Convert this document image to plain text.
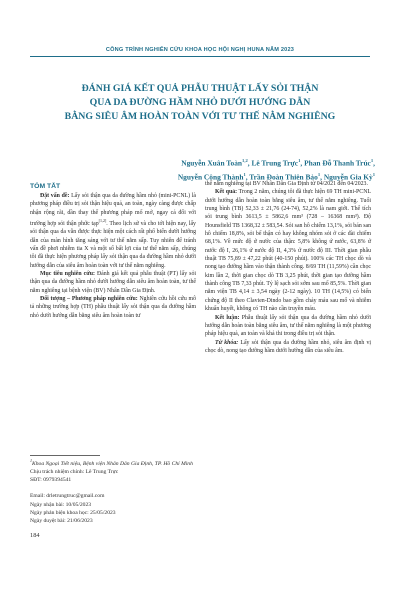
CÔNG TRÌNH NGHIÊN CỨU KHOA HỌC HỘI NGHỊ HUNA NĂM 2023
ĐÁNH GIÁ KẾT QUẢ PHẪU THUẬT LẤY SỎI THẬN
QUA DA ĐƯỜNG HẦM NHỎ DƯỚI HƯỚNG DẪN
BẰNG SIÊU ÂM HOÀN TOÀN VỚI TƯ THẾ NẰM NGHIÊNG
Nguyễn Xuân Toàn$^{1,2}$, Lê Trung Trực$^1$, Phan Đỗ Thanh Trúc$^1$,
Nguyễn Công Thành$^1$, Trần Đoàn Thiên Bảo$^1$, Nguyễn Gia Kỳ$^1$
TÓM TẮT

Đặt vấn đề: Lấy sỏi thận qua da đường hầm nhỏ (mini-PCNL) là phương pháp điều trị sỏi thận hiệu quả, an toàn, ngày càng được chấp nhận rộng rãi, dần thay thế phương pháp mổ mở, ngay cả đối với trường hợp sỏi thận phức tạp[1,2]. Theo lịch sử và cho tới hiện nay, lấy sỏi thận qua da vẫn được thực hiện một cách rất phổ biến dưới hướng dẫn của màn hình tăng sáng với tư thế nằm sấp. Tuy nhiên để tránh vấn đề phơi nhiễm tia X và một số bất lợi của tư thế nằm sấp, chúng tôi đã thực hiện phương pháp lấy sỏi thận qua da đường hầm nhỏ dưới hướng dẫn của siêu âm hoàn toàn với tư thế nằm nghiêng.

Mục tiêu nghiên cứu: Đánh giá kết quả phẫu thuật (PT) lấy sỏi thận qua da đường hầm nhỏ dưới hướng dẫn siêu âm hoàn toàn, tư thế nằm nghiêng tại bệnh viện (BV) Nhân Dân Gia Định.

Đối tượng – Phương pháp nghiên cứu: Nghiên cứu hồi cứu mô tả những trường hợp (TH) phẫu thuật lấy sỏi thận qua da đường hầm nhỏ dưới hướng dẫn bằng siêu âm hoàn toàn tư

thế nằm nghiêng tại BV Nhân Dân Gia Định từ 04/2021 đến 04/2023.

Kết quả: Trong 2 năm, chúng tôi đã thực hiện 69 TH mini-PCNL dưới hướng dẫn hoàn toàn bằng siêu âm, tư thế nằm nghiêng. Tuổi trung bình (TB) 52,33 ± 21,76 (24-74), 52,2% là nam giới. Thể tích sỏi trung bình 3613,5 ± 5862,6 mm³ (728 – 16368 mm³). Độ Hounsfield TB 1368,32 ± 583,54. Sỏi san hô chiếm 13,1%, sỏi bán san hô chiếm 18,8%, sỏi bể thận có hay không nhóm sỏi ở các đài chiếm 68,1%. Về mức độ ứ nước của thận: 5,8% không ứ nước, 63,8% ứ nước độ I, 26,1% ứ nước độ II, 4,3% ứ nước độ III. Thời gian phẫu thuật TB 75,89 ± 47,22 phút (40-150 phút). 100% các TH chọc dò và nong tạo đường hầm vào thận thành công. 8/69 TH (11,59%) cần chọc kim lần 2, thời gian chọc dò TB 3,25 phút, thời gian tạo đường hầm thành công TB 7,33 phút. Tỷ lệ sạch sỏi sớm sau mổ 85,5%. Thời gian nằm viện TB 4,14 ± 3,54 ngày (2-12 ngày). 10 TH (14,5%) có biến chứng độ II theo Clavien-Dindo bao gồm chảy máu sau mổ và nhiễm khuẩn huyết, không có TH nào cần truyền máu.

Kết luận: Phẫu thuật lấy sỏi thận qua da đường hầm nhỏ dưới hướng dẫn hoàn toàn bằng siêu âm, tư thế nằm nghiêng là một phương pháp hiệu quả, an toàn và khả thi trong điều trị sỏi thận.

Từ khóa: Lấy sỏi thận qua da đường hầm nhỏ, siêu âm định vị chọc dò, nong tạo đường hầm dưới hướng dẫn của siêu âm.

$^1$Khoa Ngoại Tiết niệu, Bệnh viện Nhân Dân Gia Định, TP. Hồ Chí Minh
Chịu trách nhiệm chính: Lê Trung Trực
SĐT: 0979394541
Email: drletrungtruc@gmail.com
Ngày nhận bài: 10/05/2023
Ngày phản biện khoa học: 25/05/2023
Ngày duyệt bài: 21/06/2023
184
